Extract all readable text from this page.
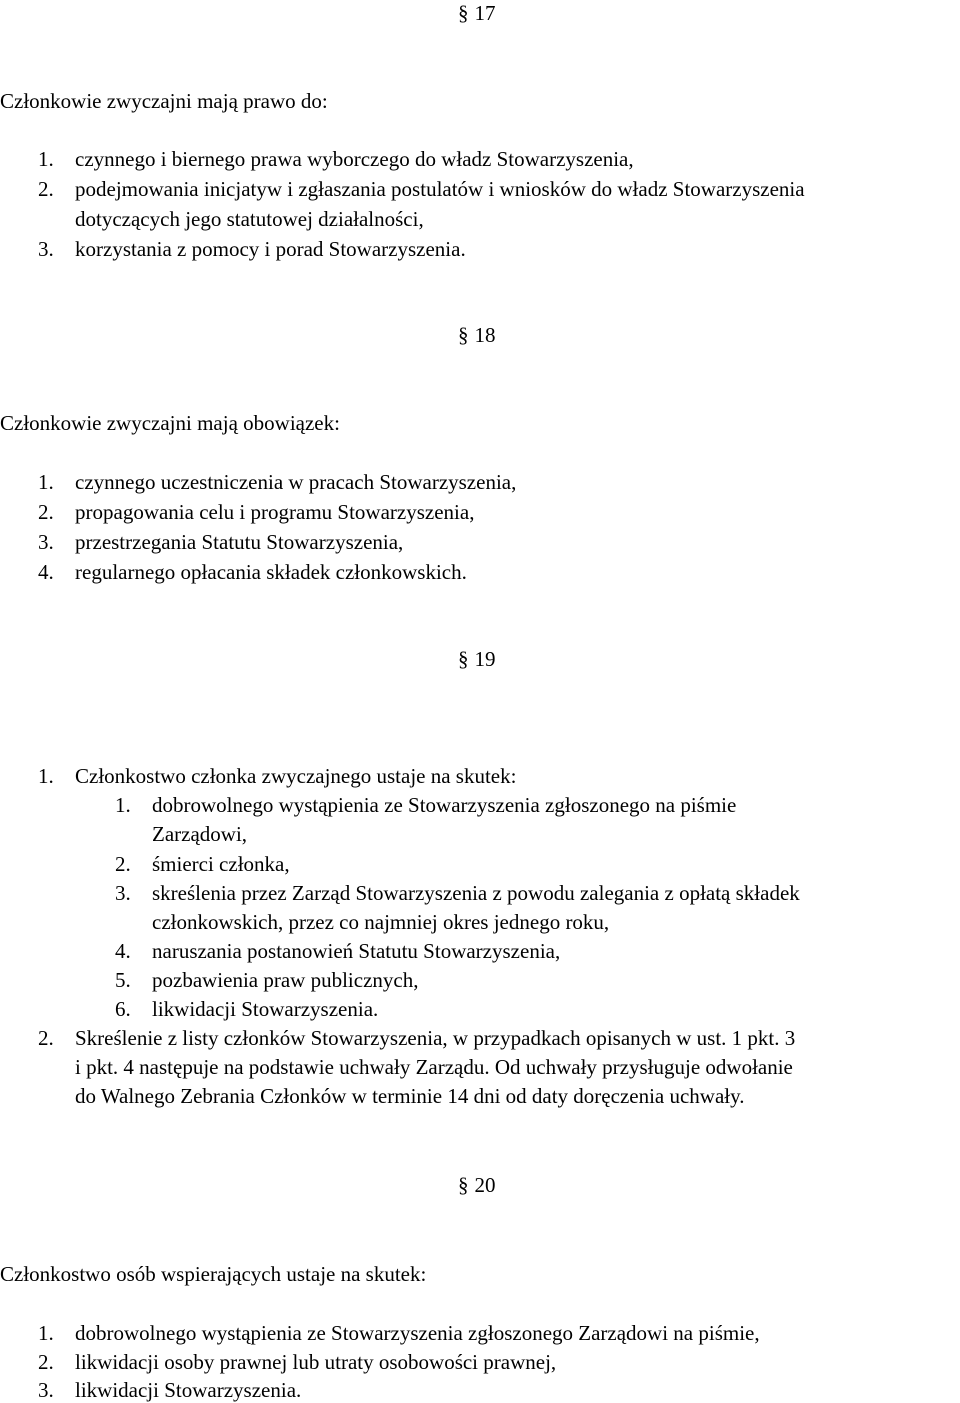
§ 17
Członkowie zwyczajni mają prawo do:
1. czynnego i biernego prawa wyborczego do władz Stowarzyszenia,
2. podejmowania inicjatyw i zgłaszania postulatów i wniosków do władz Stowarzyszenia
dotyczących jego statutowej działalności,
3. korzystania z pomocy i porad Stowarzyszenia.
§ 18
Członkowie zwyczajni mają obowiązek:
1. czynnego uczestniczenia w pracach Stowarzyszenia,
2. propagowania celu i programu Stowarzyszenia,
3. przestrzegania Statutu Stowarzyszenia,
4. regularnego opłacania składek członkowskich.
§ 19
1. Członkostwo członka zwyczajnego ustaje na skutek:
1. dobrowolnego wystąpienia ze Stowarzyszenia zgłoszonego na piśmie
Zarządowi,
2. śmierci członka,
3. skreślenia przez Zarząd Stowarzyszenia z powodu zalegania z opłatą składek
członkowskich, przez co najmniej okres jednego roku,
4. naruszania postanowień Statutu Stowarzyszenia,
5. pozbawienia praw publicznych,
6. likwidacji Stowarzyszenia.
2. Skreślenie z listy członków Stowarzyszenia, w przypadkach opisanych w ust. 1 pkt. 3
i pkt. 4 następuje na podstawie uchwały Zarządu. Od uchwały przysługuje odwołanie
do Walnego Zebrania Członków w terminie 14 dni od daty doręczenia uchwały.
§ 20
Członkostwo osób wspierających ustaje na skutek:
1. dobrowolnego wystąpienia ze Stowarzyszenia zgłoszonego Zarządowi na piśmie,
2. likwidacji osoby prawnej lub utraty osobowości prawnej,
3. likwidacji Stowarzyszenia.
